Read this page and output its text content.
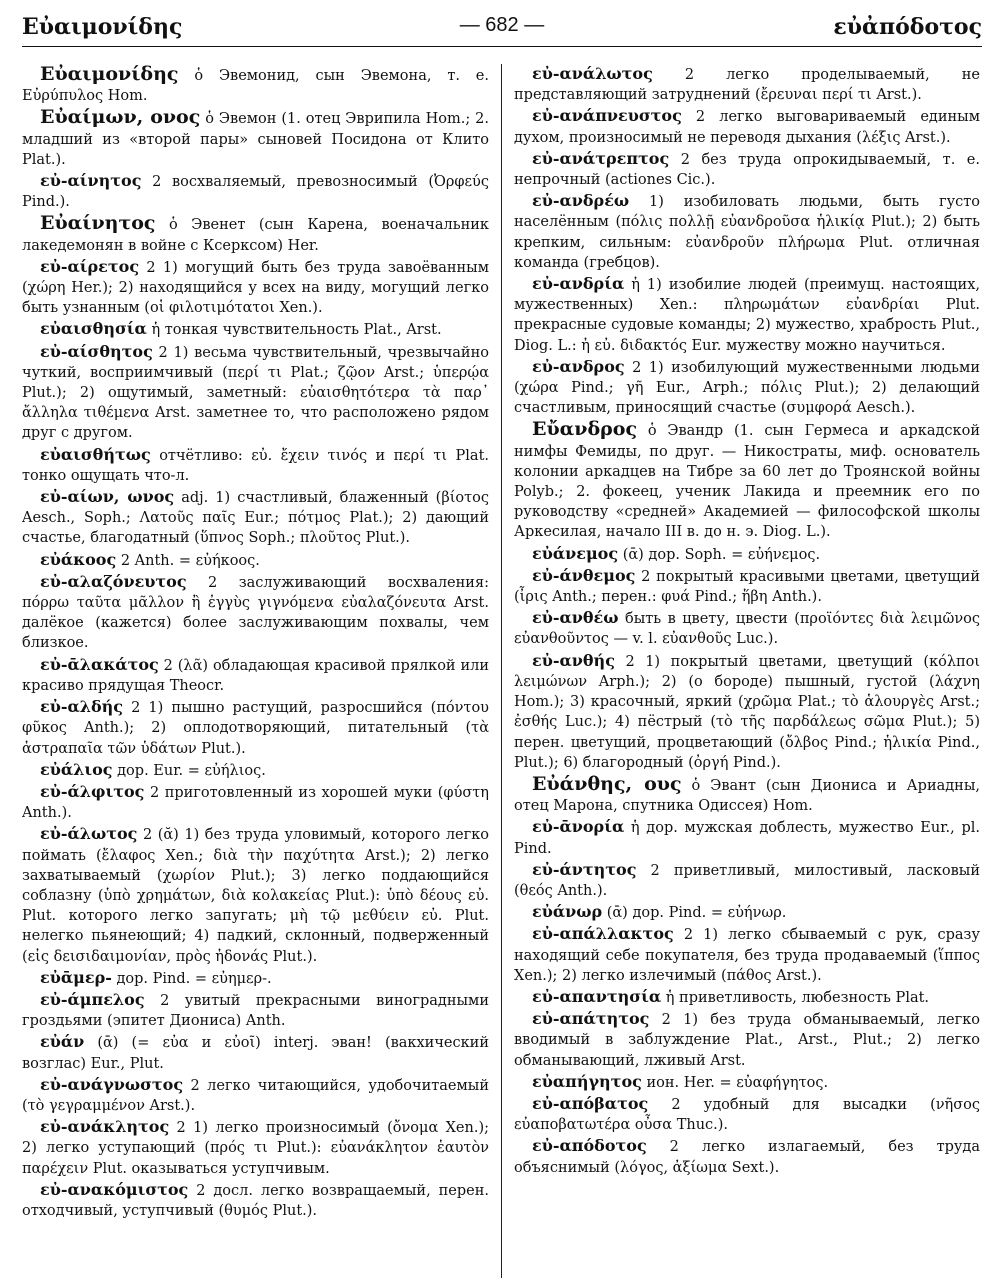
Εὐαιμονίδης	— 682 —	εὐἀπόδοτος

Εὐαιμονίδης ὁ Эвемонид, сын Эвемона, т. е. Εὐρύπυλος Hom.

Εὐαίμων, ονος ὁ Эвемон (1. отец Эврипила Hom.; 2. младший из «второй пары» сыновей Посидона от Клито Plat.).

εὐ-αίνητος 2 восхваляемый, превозносимый (Ὀρφεύς Pind.).

Εὐαίνητος ὁ Эвенет (сын Карена, военачальник лакедемонян в войне с Ксерксом) Her.

εὐ-αίρετος 2 1) могущий быть без труда завоёванным (χώρη Her.); 2) находящийся у всех на виду, могущий легко быть узнанным (οἱ φιλοτιμότατοι Xen.).

εὐαισθησία ἡ тонкая чувствительность Plat., Arst.

εὐ-αίσθητος 2 1) весьма чувствительный, чрезвычайно чуткий, восприимчивый (περί τι Plat.; ζῷον Arst.; ὑπερῴα Plut.); 2) ощутимый, заметный: εὐαισθητότερα τὰ παρ᾽ ἄλληλα τιθέμενα Arst. заметнее то, что расположено рядом друг с другом.

εὐαισθήτως отчётливо: εὐ. ἔχειν τινός и περί τι Plat. тонко ощущать что-л.

εὐ-αίων, ωνος adj. 1) счастливый, блаженный (βίοτος Aesch., Soph.; Λατοῦς παῖς Eur.; πότμος Plat.); 2) дающий счастье, благодатный (ὕπνος Soph.; πλοῦτος Plut.).

εὐάκοος 2 Anth. = εὐήκοος.

εὐ-αλαζόνευτος 2 заслуживающий восхваления: πόρρω ταῦτα μᾶλλον ἢ ἐγγὺς γιγνόμενα εὐαλαζόνευτα Arst. далёкое (кажется) более заслуживающим похвалы, чем близкое.

εὐ-ᾱλακάτος 2 (λᾶ) обладающая красивой прялкой или красиво прядущая Theocr.

εὐ-αλδής 2 1) пышно растущий, разросшийся (πόντου φῦκος Anth.); 2) оплодотворяющий, питательный (τὰ ἀστραπαῖα τῶν ὑδάτων Plut.).

εὐάλιος дор. Eur. = εὐήλιος.

εὐ-άλφιτος 2 приготовленный из хорошей муки (φύστη Anth.).

εὐ-άλωτος 2 (ᾰ) 1) без труда уловимый, которого легко поймать (ἔλαφος Xen.; διὰ τὴν παχύτητα Arst.); 2) легко захватываемый (χωρίον Plut.); 3) легко поддающийся соблазну (ὑπὸ χρημάτων, διὰ κολακείας Plut.): ὑπὸ δέους εὐ. Plut. которого легко запугать; μὴ τῷ μεθύειν εὐ. Plut. нелегко пьянеющий; 4) падкий, склонный, подверженный (εἰς δεισιδαιμονίαν, πρὸς ἡδονάς Plut.).

εὐᾱμερ- дор. Pind. = εὐημερ-.

εὐ-άμπελος 2 увитый прекрасными виноградными гроздьями (эпитет Диониса) Anth.

εὐάν (ᾱ) (= εὐα и εὐοῖ) interj. эван! (вакхический возглас) Eur., Plut.

εὐ-ανάγνωστος 2 легко читающийся, удобочитаемый (τὸ γεγραμμένον Arst.).

εὐ-ανάκλητος 2 1) легко произносимый (ὄνομα Xen.); 2) легко уступающий (πρός τι Plut.): εὐανάκλητον ἑαυτὸν παρέχειν Plut. оказываться уступчивым.

εὐ-ανακόμιστος 2 досл. легко возвращаемый, перен. отходчивый, уступчивый (θυμός Plut.).

εὐ-ανάλωτος 2 легко проделываемый, не представляющий затруднений (ἔρευναι περί τι Arst.).

εὐ-ανάπνευστος 2 легко выговариваемый единым духом, произносимый не переводя дыхания (λέξις Arst.).

εὐ-ανάτρεπτος 2 без труда опрокидываемый, т. е. непрочный (actiones Cic.).

εὐ-ανδρέω 1) изобиловать людьми, быть густо населённым (πόλις πολλῇ εὐανδροῦσα ἡλικίᾳ Plut.); 2) быть крепким, сильным: εὐανδροῦν πλήρωμα Plut. отличная команда (гребцов).

εὐ-ανδρία ἡ 1) изобилие людей (преимущ. настоящих, мужественных) Xen.: πληρωμάτων εὐανδρίαι Plut. прекрасные судовые команды; 2) мужество, храбрость Plut., Diog. L.: ἡ εὐ. διδακτός Eur. мужеству можно научиться.

εὐ-ανδρος 2 1) изобилующий мужественными людьми (χώρα Pind.; γῆ Eur., Arph.; πόλις Plut.); 2) делающий счастливым, приносящий счастье (συμφορά Aesch.).

Εὔανδρος ὁ Эвандр (1. сын Гермеса и аркадской нимфы Фемиды, по друг. — Никостраты, миф. основатель колонии аркадцев на Тибре за 60 лет до Троянской войны Polyb.; 2. фокеец, ученик Лакида и преемник его по руководству «средней» Академией — философской школы Аркесилая, начало III в. до н. э. Diog. L.).

εὐάνεμος (ᾱ) дор. Soph. = εὐήνεμος.

εὐ-άνθεμος 2 покрытый красивыми цветами, цветущий (ἶρις Anth.; перен.: φυά Pind.; ἥβη Anth.).

εὐ-ανθέω быть в цвету, цвести (προϊόντες διὰ λειμῶνος εὐανθοῦντος — v. l. εὐανθοῦς Luc.).

εὐ-ανθής 2 1) покрытый цветами, цветущий (κόλποι λειμώνων Arph.); 2) (о бороде) пышный, густой (λάχνη Hom.); 3) красочный, яркий (χρῶμα Plat.; τὸ ἁλουργὲς Arst.; ἐσθής Luc.); 4) пёстрый (τὸ τῆς παρδάλεως σῶμα Plut.); 5) перен. цветущий, процветающий (ὄλβος Pind.; ἡλικία Pind., Plut.); 6) благородный (ὀργή Pind.).

Εὐάνθης, ους ὁ Эвант (сын Диониса и Ариадны, отец Марона, спутника Одиссея) Hom.

εὐ-ᾱνορία ἡ дор. мужская доблесть, мужество Eur., pl. Pind.

εὐ-άντητος 2 приветливый, милостивый, ласковый (θεός Anth.).

εὐάνωρ (ᾱ) дор. Pind. = εὐήνωρ.

εὐ-απάλλακτος 2 1) легко сбываемый с рук, сразу находящий себе покупателя, без труда продаваемый (ἵππος Xen.); 2) легко излечимый (πάθος Arst.).

εὐ-απαντησία ἡ приветливость, любезность Plat.

εὐ-απάτητος 2 1) без труда обманываемый, легко вводимый в заблуждение Plat., Arst., Plut.; 2) легко обманывающий, лживый Arst.

εὐαπήγητος ион. Her. = εὐαφήγητος.

εὐ-απόβατος 2 удобный для высадки (νῆσος εὐαποβατωτέρα οὖσα Thuc.).

εὐ-απόδοτος 2 легко излагаемый, без труда объяснимый (λόγος, ἀξίωμα Sext.).
